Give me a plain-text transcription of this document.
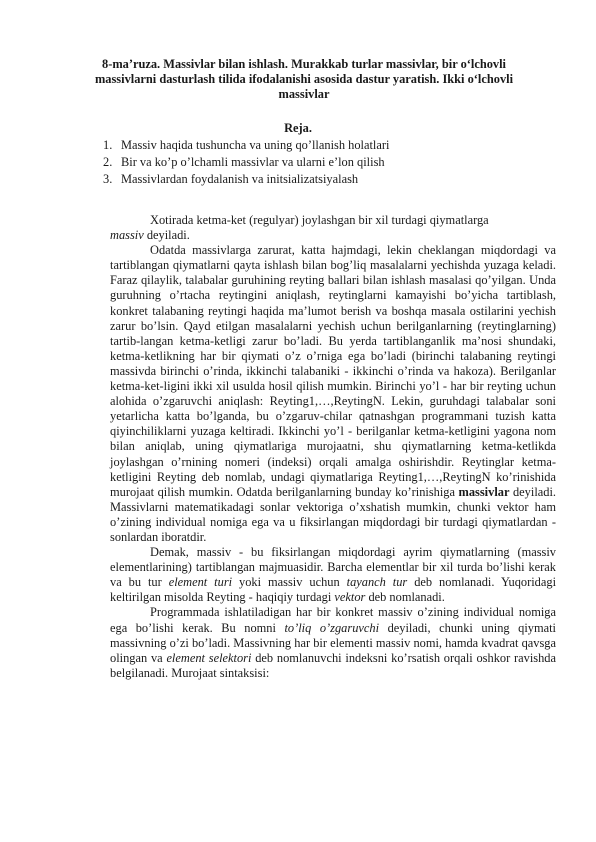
8-ma’ruza. Massivlar bilan ishlash. Murakkab turlar massivlar, bir o‘lchovli massivlarni dasturlash tilida ifodalanishi asosida dastur yaratish. Ikki o‘lchovli massivlar
Reja.
1. Massiv haqida tushuncha va uning qo’llanish holatlari
2. Bir va ko’p o’lchamli massivlar va ularni e’lon qilish
3. Massivlardan foydalanish va initsializatsiyalash

Xotirada ketma-ket (regulyar) joylashgan bir xil turdagi qiymatlarga
massiv deyiladi.

Odatda massivlarga zarurat, katta hajmdagi, lekin cheklangan miqdordagi va tartiblangan qiymatlarni qayta ishlash bilan bog’liq masalalarni yechishda yuzaga keladi. Faraz qilaylik, talabalar guruhining reyting ballari bilan ishlash masalasi qo’yilgan. Unda guruhning o’rtacha reytingini aniqlash, reytinglarni kamayishi bo’yicha tartiblash, konkret talabaning reytingi haqida ma’lumot berish va boshqa masala ostilarini yechish zarur bo’lsin. Qayd etilgan masalalarni yechish uchun berilganlarning (reytinglarning) tartib-langan ketma-ketligi zarur bo’ladi. Bu yerda tartiblanganlik ma’nosi shundaki, ketma-ketlikning har bir qiymati o’z o’rniga ega bo’ladi (birinchi talabaning reytingi massivda birinchi o’rinda, ikkinchi talabaniki - ikkinchi o’rinda va hakoza). Berilganlar ketma-ket-ligini ikki xil usulda hosil qilish mumkin. Birinchi yo’l - har bir reyting uchun alohida o’zgaruvchi aniqlash: Reyting1,…,ReytingN. Lekin, guruhdagi talabalar soni yetarlicha katta bo’lganda, bu o’zgaruv-chilar qatnashgan programmani tuzish katta qiyinchiliklarni yuzaga keltiradi. Ikkinchi yo’l - berilganlar ketma-ketligini yagona nom bilan aniqlab, uning qiymatlariga murojaatni, shu qiymatlarning ketma-ketlikda joylashgan o’rnining nomeri (indeksi) orqali amalga oshirishdir. Reytinglar ketma-ketligini Reyting deb nomlab, undagi qiymatlariga Reyting1,…,ReytingN ko’rinishida murojaat qilish mumkin. Odatda berilganlarning bunday ko’rinishiga massivlar deyiladi. Massivlarni matematikadagi sonlar vektoriga o’xshatish mumkin, chunki vektor ham o’zining individual nomiga ega va u fiksirlangan miqdordagi bir turdagi qiymatlardan - sonlardan iboratdir.

Demak, massiv - bu fiksirlangan miqdordagi ayrim qiymatlarning (massiv elementlarining) tartiblangan majmuasidir. Barcha elementlar bir xil turda bo’lishi kerak va bu tur element turi yoki massiv uchun tayanch tur deb nomlanadi. Yuqoridagi keltirilgan misolda Reyting - haqiqiy turdagi vektor deb nomlanadi.

Programmada ishlatiladigan har bir konkret massiv o’zining individual nomiga ega bo’lishi kerak. Bu nomni to’liq o’zgaruvchi deyiladi, chunki uning qiymati massivning o’zi bo’ladi. Massivning har bir elementi massiv nomi, hamda kvadrat qavsga olingan va element selektori deb nomlanuvchi indeksni ko’rsatish orqali oshkor ravishda belgilanadi. Murojaat sintaksisi:
